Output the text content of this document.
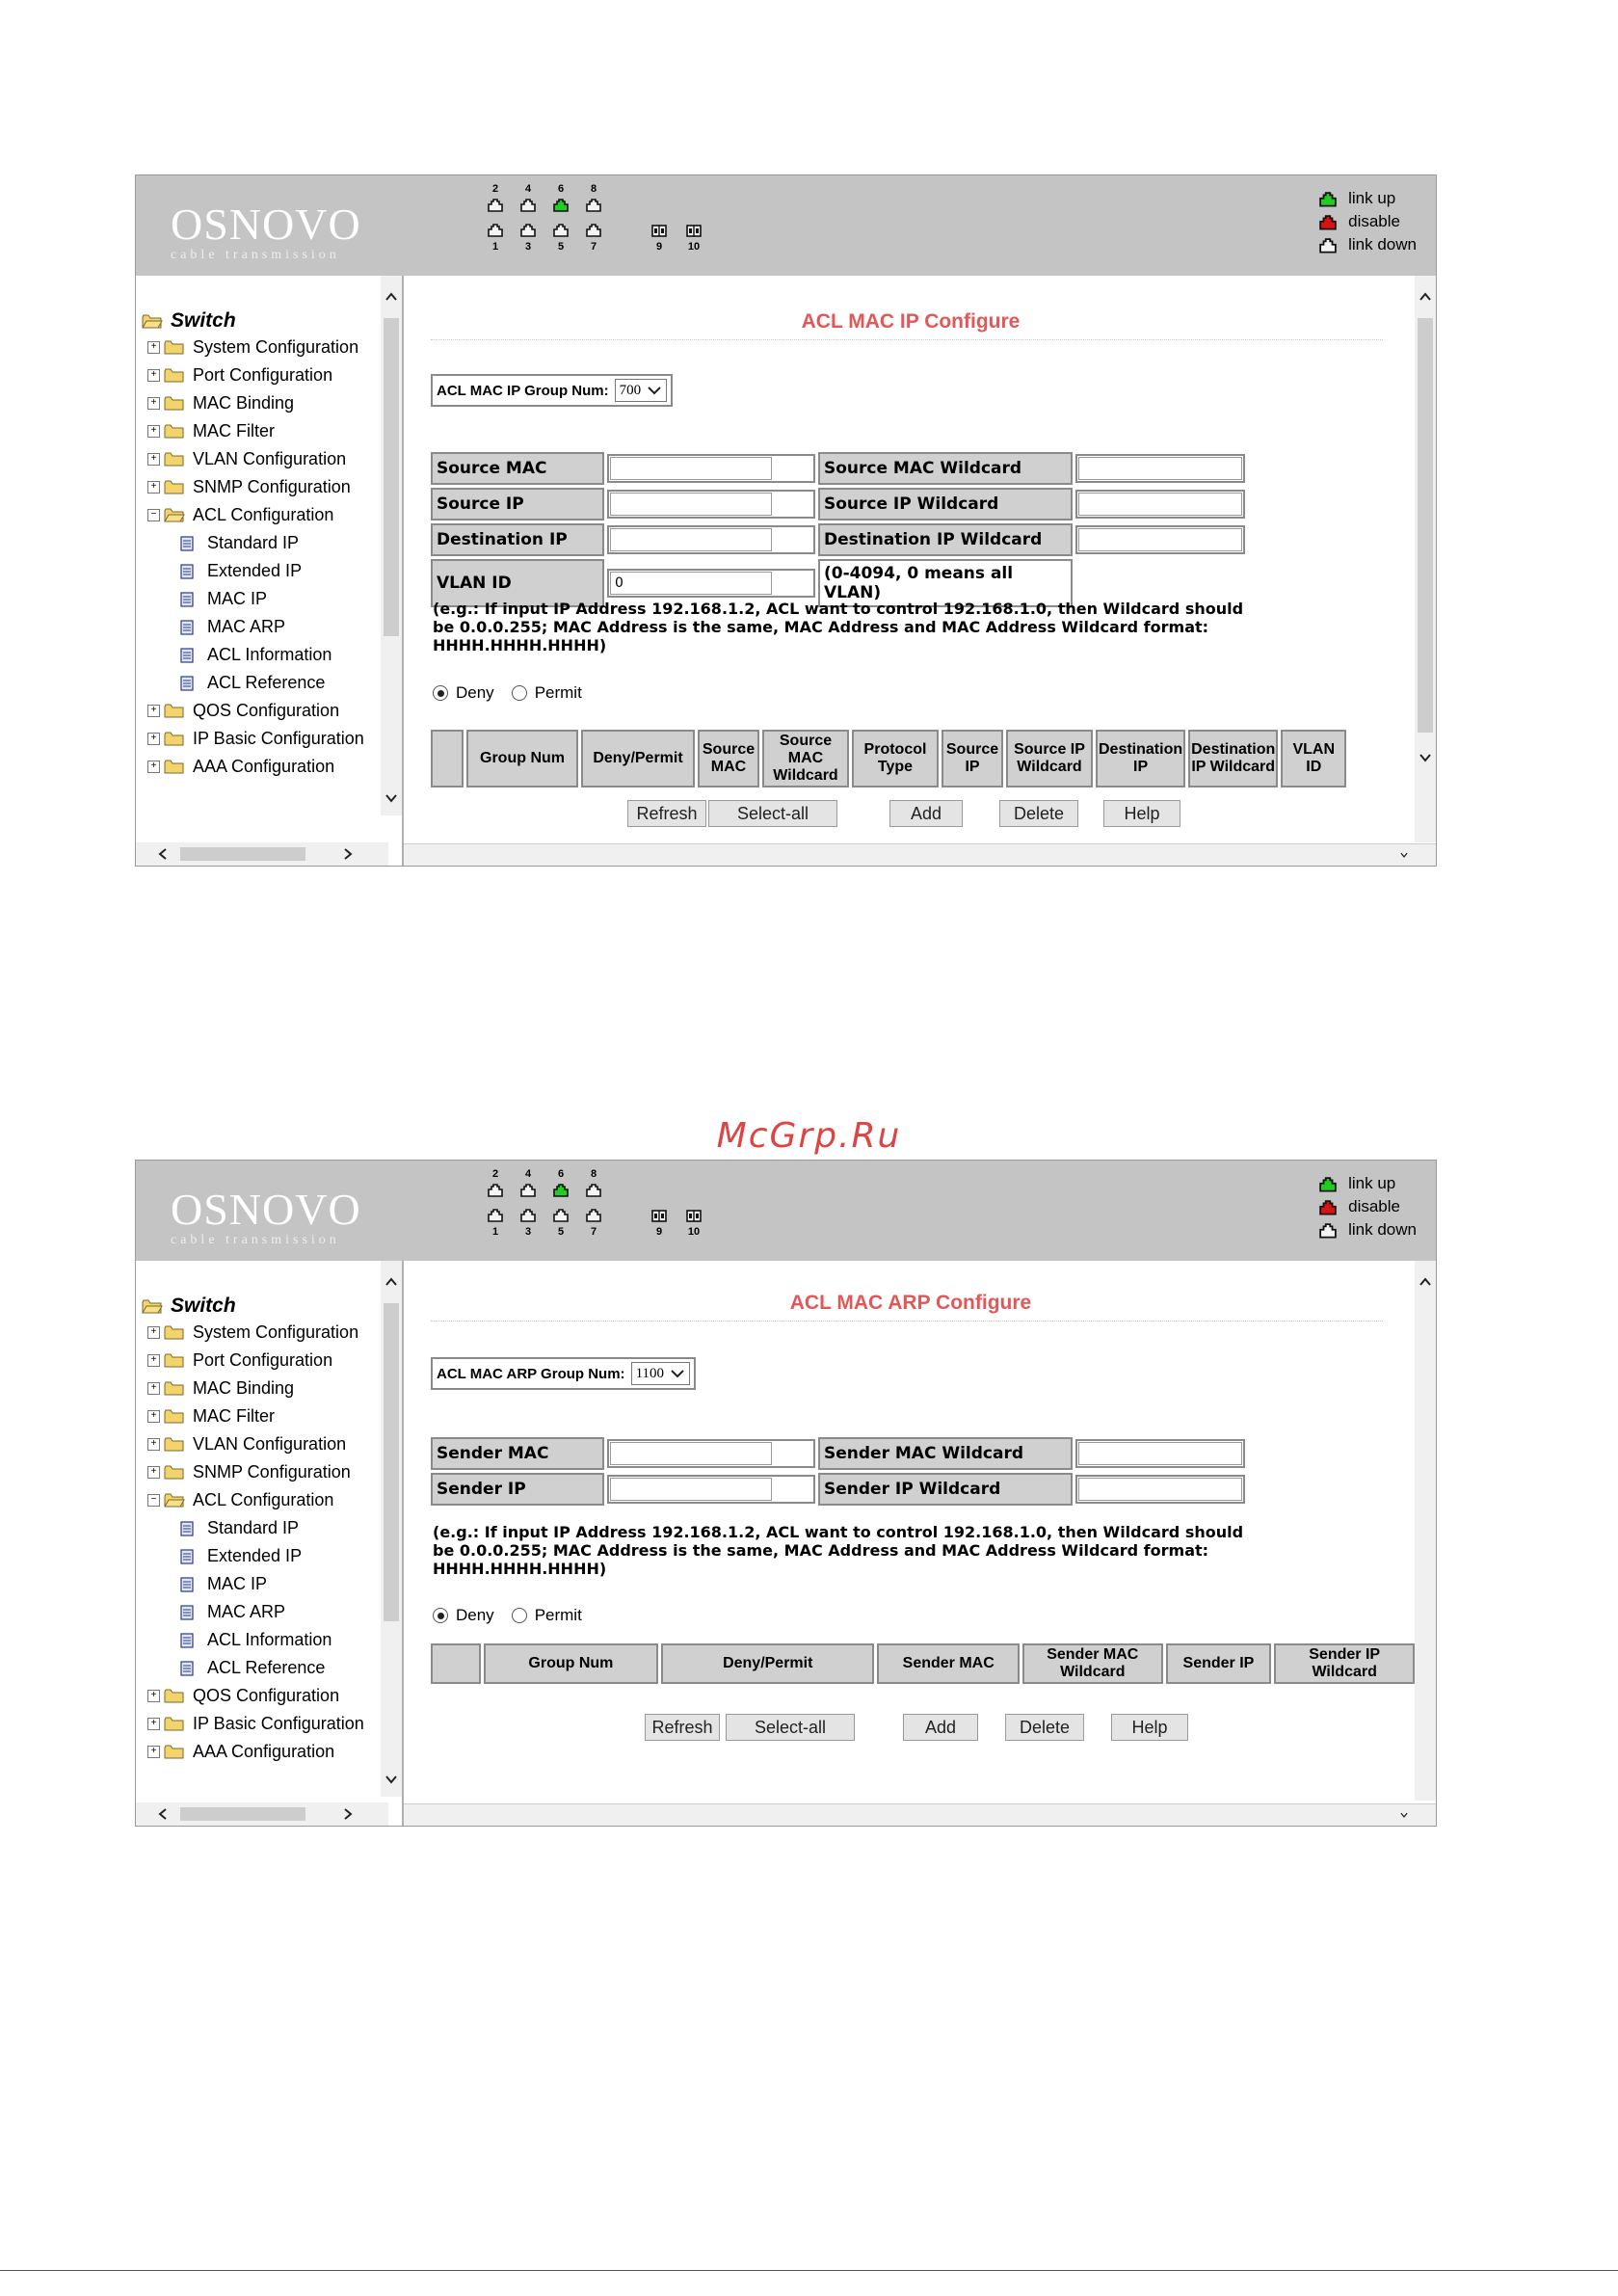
OSNOVO
cable transmission
2	4	6	8
1	3	5	7	9	10
link up
disable
link down
Switch
+ System Configuration
+ Port Configuration
+ MAC Binding
+ MAC Filter
+ VLAN Configuration
+ SNMP Configuration
− ACL Configuration
Standard IP
Extended IP
MAC IP
MAC ARP
ACL Information
ACL Reference
+ QOS Configuration
+ IP Basic Configuration
+ AAA Configuration
ACL MAC IP Configure
ACL MAC IP Group Num: 700
Source MAC		Source MAC Wildcard	

Source IP		Source IP Wildcard	

Destination IP		Destination IP Wildcard	

VLAN ID	0	(0-4094, 0 means all VLAN)	
(e.g.: If input IP Address 192.168.1.2, ACL want to control 192.168.1.0, then Wildcard should
be 0.0.0.255; MAC Address is the same, MAC Address and MAC Address Wildcard format:
HHHH.HHHH.HHHH)
Deny Permit
	Group Num	Deny/Permit	Source MAC	Source MAC Wildcard	Protocol Type	Source IP	Source IP Wildcard	Destination IP	Destination IP Wildcard	VLAN ID
Refresh	Select-all	Add	Delete	Help
McGrp.Ru
OSNOVO
cable transmission
2	4	6	8
1	3	5	7	9	10
link up
disable
link down
Switch
+ System Configuration
+ Port Configuration
+ MAC Binding
+ MAC Filter
+ VLAN Configuration
+ SNMP Configuration
− ACL Configuration
Standard IP
Extended IP
MAC IP
MAC ARP
ACL Information
ACL Reference
+ QOS Configuration
+ IP Basic Configuration
+ AAA Configuration
ACL MAC ARP Configure
ACL MAC ARP Group Num: 1100
Sender MAC		Sender MAC Wildcard	

Sender IP		Sender IP Wildcard	
(e.g.: If input IP Address 192.168.1.2, ACL want to control 192.168.1.0, then Wildcard should
be 0.0.0.255; MAC Address is the same, MAC Address and MAC Address Wildcard format:
HHHH.HHHH.HHHH)
Deny Permit
	Group Num	Deny/Permit	Sender MAC	Sender MAC Wildcard	Sender IP	Sender IP Wildcard
Refresh	Select-all	Add	Delete	Help
